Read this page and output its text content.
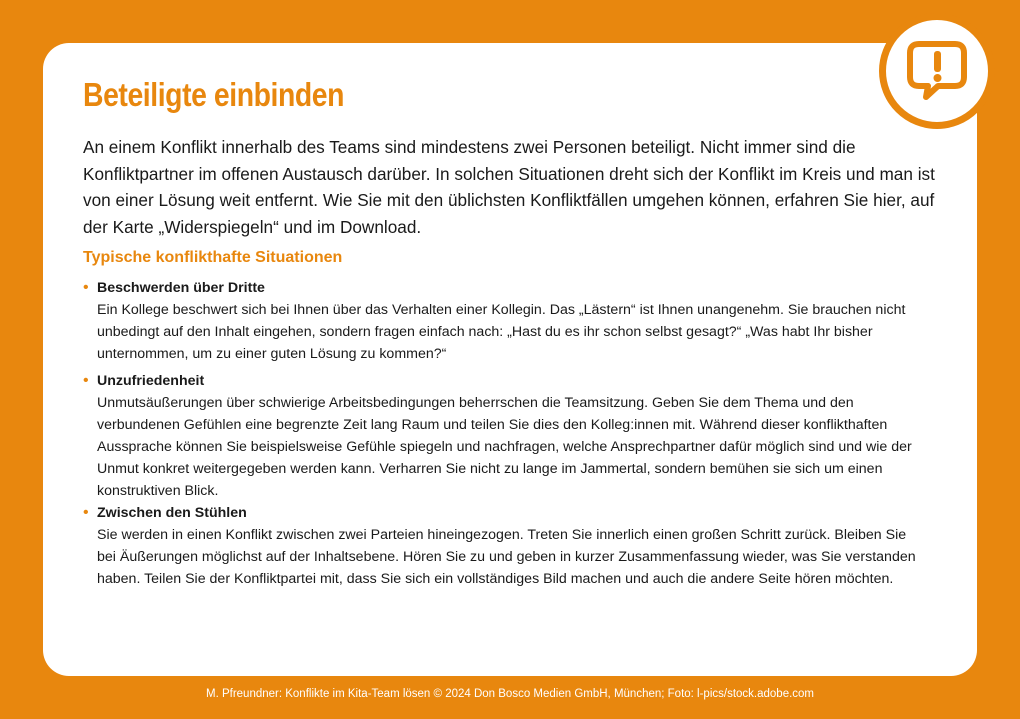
Beteiligte einbinden

An einem Konflikt innerhalb des Teams sind mindestens zwei Personen beteiligt. Nicht immer sind die Konfliktpartner im offenen Austausch darüber. In solchen Situationen dreht sich der Konflikt im Kreis und man ist von einer Lösung weit entfernt. Wie Sie mit den üblichsten Konfliktfällen umgehen können, erfahren Sie hier, auf der Karte „Widerspiegeln“ und im Download.

Typische konflikthafte Situationen
• Beschwerden über Dritte

Ein Kollege beschwert sich bei Ihnen über das Verhalten einer Kollegin. Das „Lästern“ ist Ihnen unangenehm. Sie brauchen nicht unbedingt auf den Inhalt eingehen, sondern fragen einfach nach: „Hast du es ihr schon selbst gesagt?“ „Was habt Ihr bisher unternommen, um zu einer guten Lösung zu kommen?“

• Unzufriedenheit

Unmutsäußerungen über schwierige Arbeitsbedingungen beherrschen die Teamsitzung. Geben Sie dem Thema und den verbundenen Gefühlen eine begrenzte Zeit lang Raum und teilen Sie dies den Kolleg:innen mit. Während dieser konflikthaften Aussprache können Sie beispielsweise Gefühle spiegeln und nachfragen, welche Ansprechpartner dafür möglich sind und wie der Unmut konkret weitergegeben werden kann. Verharren Sie nicht zu lange im Jammertal, sondern bemühen sie sich um einen konstruktiven Blick.

• Zwischen den Stühlen

Sie werden in einen Konflikt zwischen zwei Parteien hineingezogen. Treten Sie innerlich einen großen Schritt zurück. Bleiben Sie bei Äußerungen möglichst auf der Inhaltsebene. Hören Sie zu und geben in kurzer Zusammenfassung wieder, was Sie verstanden haben. Teilen Sie der Konfliktpartei mit, dass Sie sich ein vollständiges Bild machen und auch die andere Seite hören möchten.

M. Pfreundner: Konflikte im Kita-Team lösen © 2024 Don Bosco Medien GmbH, München; Foto: l-pics/stock.adobe.com
